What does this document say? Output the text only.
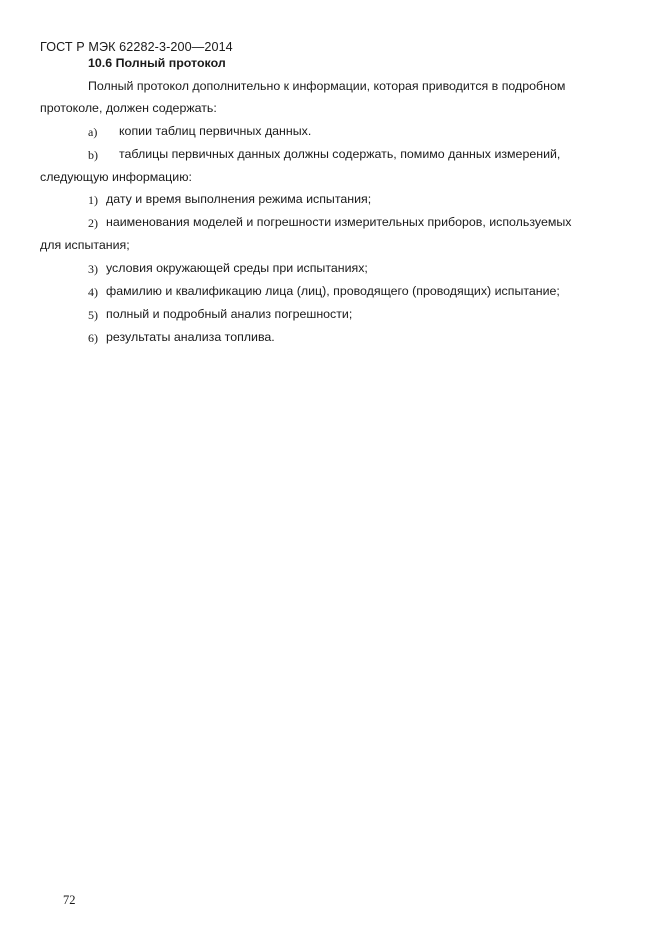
ГОСТ Р МЭК 62282-3-200—2014
10.6 Полный протокол
Полный протокол дополнительно к информации, которая приводится в подробном
протоколе, должен содержать:
a) копии таблиц первичных данных.
b) таблицы первичных данных должны содержать, помимо данных измерений,
следующую информацию:
1) дату и время выполнения режима испытания;
2) наименования моделей и погрешности измерительных приборов, используемых
для испытания;
3) условия окружающей среды при испытаниях;
4) фамилию и квалификацию лица (лиц), проводящего (проводящих) испытание;
5) полный и подробный анализ погрешности;
6) результаты анализа топлива.
72
